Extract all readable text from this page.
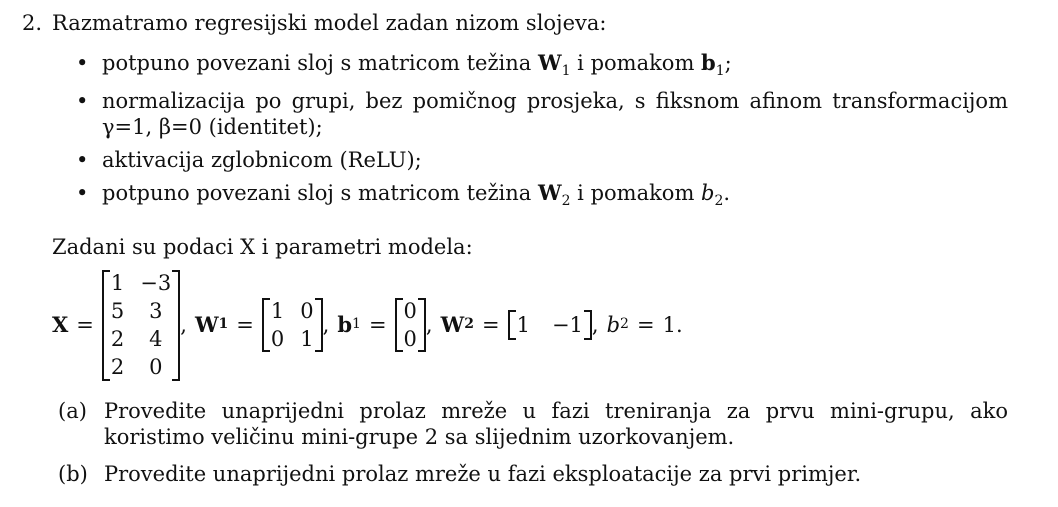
2. Razmatramo regresijski model zadan nizom slojeva:
• potpuno povezani sloj s matricom težina $W_1$ i pomakom $b_1$;
• normalizacija po grupi, bez pomičnog prosjeka, s fiksnom afinom transformacijom γ=1, β=0 (identitet);
• aktivacija zglobnicom (ReLU);
• potpuno povezani sloj s matricom težina $W_2$ i pomakom $b_2$.
Zadani su podaci X i parametri modela:
X =
1 −3
5	3
2	4
2	0
, W 1 =
1 0
0 1
, b 1 =
0
0
, W 2 = 1 −1 , b 2 = 1.
(a) Provedite unaprijedni prolaz mreže u fazi treniranja za prvu mini-grupu, ako koristimo veličinu mini-grupe 2 sa slijednim uzorkovanjem.
(b) Provedite unaprijedni prolaz mreže u fazi eksploatacije za prvi primjer.
